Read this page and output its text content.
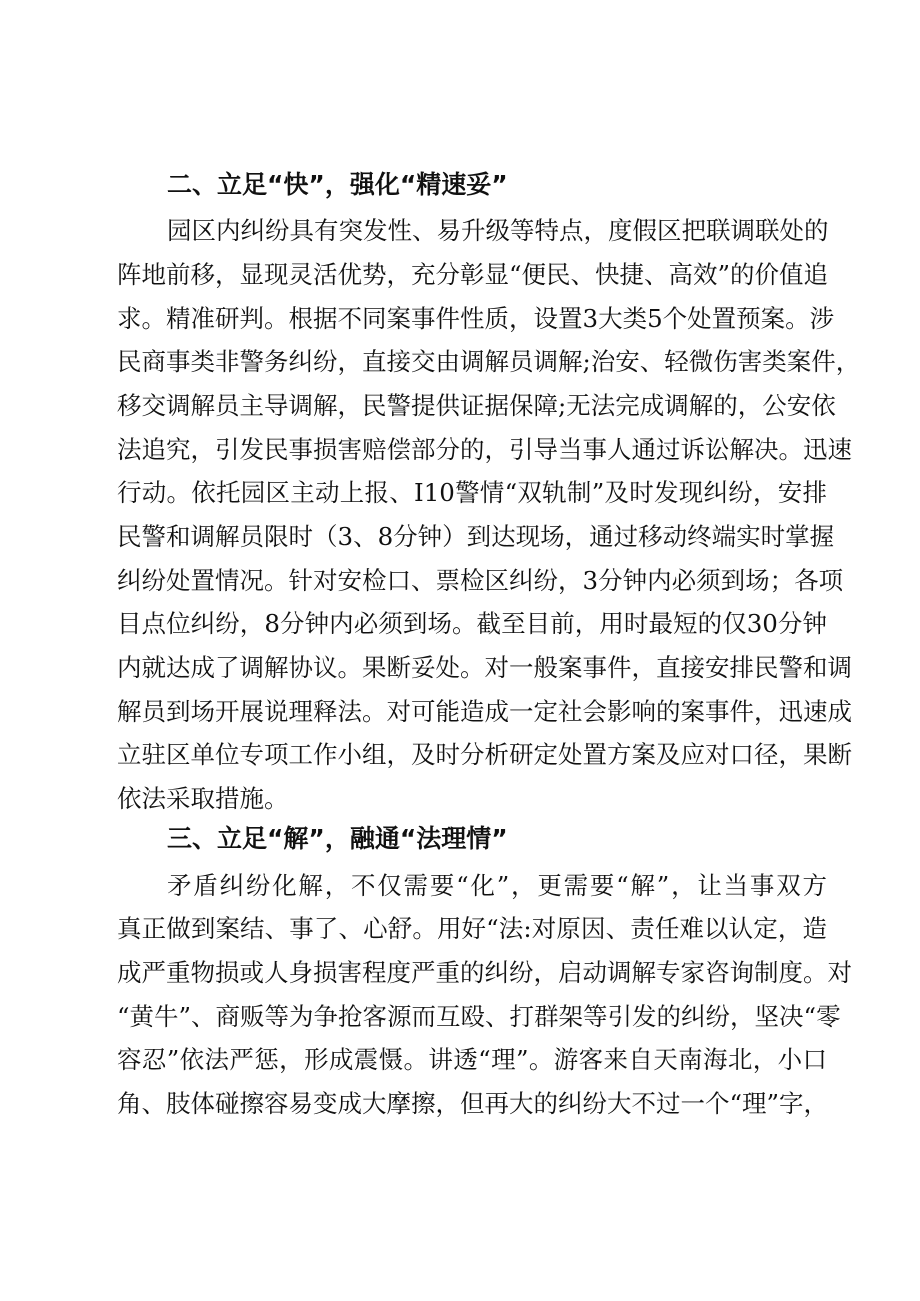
二、立足“快”，强化“精速妥”
园区内纠纷具有突发性、易升级等特点，度假区把联调联处的
阵地前移，显现灵活优势，充分彰显“便民、快捷、高效”的价值追
求。精准研判。根据不同案事件性质，设置3大类5个处置预案。涉
民商事类非警务纠纷，直接交由调解员调解;治安、轻微伤害类案件，
移交调解员主导调解，民警提供证据保障;无法完成调解的，公安依
法追究，引发民事损害赔偿部分的，引导当事人通过诉讼解决。迅速
行动。依托园区主动上报、I10警情“双轨制”及时发现纠纷，安排
民警和调解员限时（3、8分钟）到达现场，通过移动终端实时掌握
纠纷处置情况。针对安检口、票检区纠纷，3分钟内必须到场；各项
目点位纠纷，8分钟内必须到场。截至目前，用时最短的仅30分钟
内就达成了调解协议。果断妥处。对一般案事件，直接安排民警和调
解员到场开展说理释法。对可能造成一定社会影响的案事件，迅速成
立驻区单位专项工作小组，及时分析研定处置方案及应对口径，果断
依法采取措施。
三、立足“解”，融通“法理情”
矛盾纠纷化解，不仅需要“化”，更需要“解”，让当事双方
真正做到案结、事了、心舒。用好“法:对原因、责任难以认定，造
成严重物损或人身损害程度严重的纠纷，启动调解专家咨询制度。对
“黄牛”、商贩等为争抢客源而互殴、打群架等引发的纠纷，坚决“零
容忍”依法严惩，形成震慑。讲透“理”。游客来自天南海北，小口
角、肢体碰擦容易变成大摩擦，但再大的纠纷大不过一个“理”字，
